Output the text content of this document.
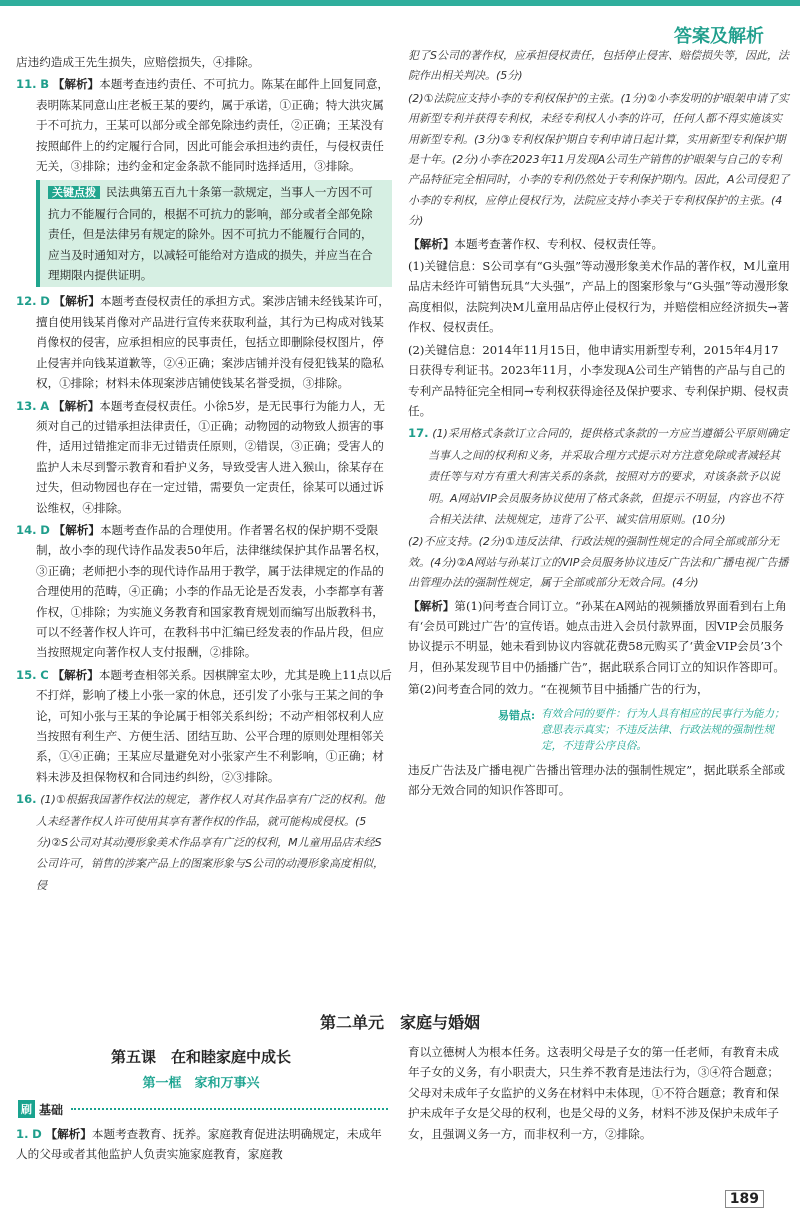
答案及解析

店违约造成王先生损失，应赔偿损失，④排除。

11. B 【解析】本题考查违约责任、不可抗力。陈某在邮件上回复同意，表明陈某同意山庄老板王某的要约，属于承诺，①正确；特大洪灾属于不可抗力，王某可以部分或全部免除违约责任，②正确；王某没有按照邮件上的约定履行合同，因此可能会承担违约责任，与侵权责任无关，③排除；违约金和定金条款不能同时选择适用，③排除。

关键点拨 民法典第五百九十条第一款规定，当事人一方因不可抗力不能履行合同的，根据不可抗力的影响，部分或者全部免除责任，但是法律另有规定的除外。因不可抗力不能履行合同的，应当及时通知对方，以减轻可能给对方造成的损失，并应当在合理期限内提供证明。

12. D 【解析】本题考查侵权责任的承担方式。案涉店铺未经钱某许可，擅自使用钱某肖像对产品进行宣传来获取利益，其行为已构成对钱某肖像权的侵害，应承担相应的民事责任，包括立即删除侵权图片，停止侵害并向钱某道歉等，②④正确；案涉店铺并没有侵犯钱某的隐私权，①排除；材料未体现案涉店铺使钱某名誉受损，③排除。

13. A 【解析】本题考查侵权责任。小徐5岁，是无民事行为能力人，无须对自己的过错承担法律责任，①正确；动物园的动物致人损害的事件，适用过错推定而非无过错责任原则，②错误，③正确；受害人的监护人未尽到警示教育和看护义务，导致受害人进入猴山，徐某存在过失，但动物园也存在一定过错，需要负一定责任，徐某可以通过诉讼维权，④排除。

14. D 【解析】本题考查作品的合理使用。作者署名权的保护期不受限制，故小李的现代诗作品发表50年后，法律继续保护其作品署名权，③正确；老师把小李的现代诗作品用于教学，属于法律规定的作品的合理使用的范畴，④正确；小李的作品无论是否发表，小李都享有著作权，①排除；为实施义务教育和国家教育规划而编写出版教科书，可以不经著作权人许可，在教科书中汇编已经发表的作品片段，但应当按照规定向著作权人支付报酬，②排除。

15. C 【解析】本题考查相邻关系。因棋牌室太吵，尤其是晚上11点以后不打烊，影响了楼上小张一家的休息，还引发了小张与王某之间的争论，可知小张与王某的争论属于相邻关系纠纷；不动产相邻权利人应当按照有利生产、方便生活、团结互助、公平合理的原则处理相邻关系，①④正确；王某应尽量避免对小张家产生不利影响，①正确；材料未涉及担保物权和合同违约纠纷，②③排除。

16. (1)①根据我国著作权法的规定，著作权人对其作品享有广泛的权利。他人未经著作权人许可使用其享有著作权的作品，就可能构成侵权。(5分)②S公司对其动漫形象美术作品享有广泛的权利，M儿童用品店未经S公司许可，销售的涉案产品上的图案形象与S公司的动漫形象高度相似，侵

犯了S公司的著作权，应承担侵权责任，包括停止侵害、赔偿损失等，因此，法院作出相关判决。(5分)

(2)①法院应支持小李的专利权保护的主张。(1分)②小李发明的护眼架申请了实用新型专利并获得专利权，未经专利权人小李的许可，任何人都不得实施该实用新型专利。(3分)③专利权保护期自专利申请日起计算，实用新型专利保护期是十年。(2分)小李在2023年11月发现A公司生产销售的护眼架与自己的专利产品特征完全相同时，小李的专利仍然处于专利保护期内。因此，A公司侵犯了小李的专利权，应停止侵权行为，法院应支持小李关于专利权保护的主张。(4分)

【解析】本题考查著作权、专利权、侵权责任等。

(1)关键信息：S公司享有“G头强”等动漫形象美术作品的著作权，M儿童用品店未经许可销售玩具“大头强”，产品上的图案形象与“G头强”等动漫形象高度相似，法院判决M儿童用品店停止侵权行为，并赔偿相应经济损失→著作权、侵权责任。

(2)关键信息：2014年11月15日，他申请实用新型专利，2015年4月17日获得专利证书。2023年11月，小李发现A公司生产销售的产品与自己的专利产品特征完全相同→专利权获得途径及保护要求、专利保护期、侵权责任。

17. (1)采用格式条款订立合同的，提供格式条款的一方应当遵循公平原则确定当事人之间的权利和义务，并采取合理方式提示对方注意免除或者减轻其责任等与对方有重大利害关系的条款，按照对方的要求，对该条款予以说明。A网站VIP会员服务协议使用了格式条款，但提示不明显，内容也不符合相关法律、法规规定，违背了公平、诚实信用原则。(10分)

(2)不应支持。(2分)①违反法律、行政法规的强制性规定的合同全部或部分无效。(4分)②A网站与孙某订立的VIP会员服务协议违反广告法和广播电视广告播出管理办法的强制性规定，属于全部或部分无效合同。(4分)

【解析】第(1)问考查合同订立。“孙某在A网站的视频播放界面看到右上角有‘会员可跳过广告’的宣传语。她点击进入会员付款界面，因VIP会员服务协议提示不明显，她未看到协议内容就花费58元购买了‘黄金VIP会员’3个月，但孙某发现节目中仍插播广告”，据此联系合同订立的知识作答即可。

第(2)问考查合同的效力。“在视频节目中插播广告的行为，

易错点: 有效合同的要件：行为人具有相应的民事行为能力；意思表示真实；不违反法律、行政法规的强制性规定，不违背公序良俗。

违反广告法及广播电视广告播出管理办法的强制性规定”，据此联系全部或部分无效合同的知识作答即可。

第二单元　家庭与婚姻
第五课　在和睦家庭中成长
第一框　家和万事兴
刷 基础
1. D 【解析】本题考查教育、抚养。家庭教育促进法明确规定，未成年人的父母或者其他监护人负责实施家庭教育，家庭教
育以立德树人为根本任务。这表明父母是子女的第一任老师，有教育未成年子女的义务，有小职责大，只生养不教育是违法行为，③④符合题意；父母对未成年子女监护的义务在材料中未体现，①不符合题意；教育和保护未成年子女是父母的权利，也是父母的义务，材料不涉及保护未成年子女，且强调义务一方，而非权利一方，②排除。
189
